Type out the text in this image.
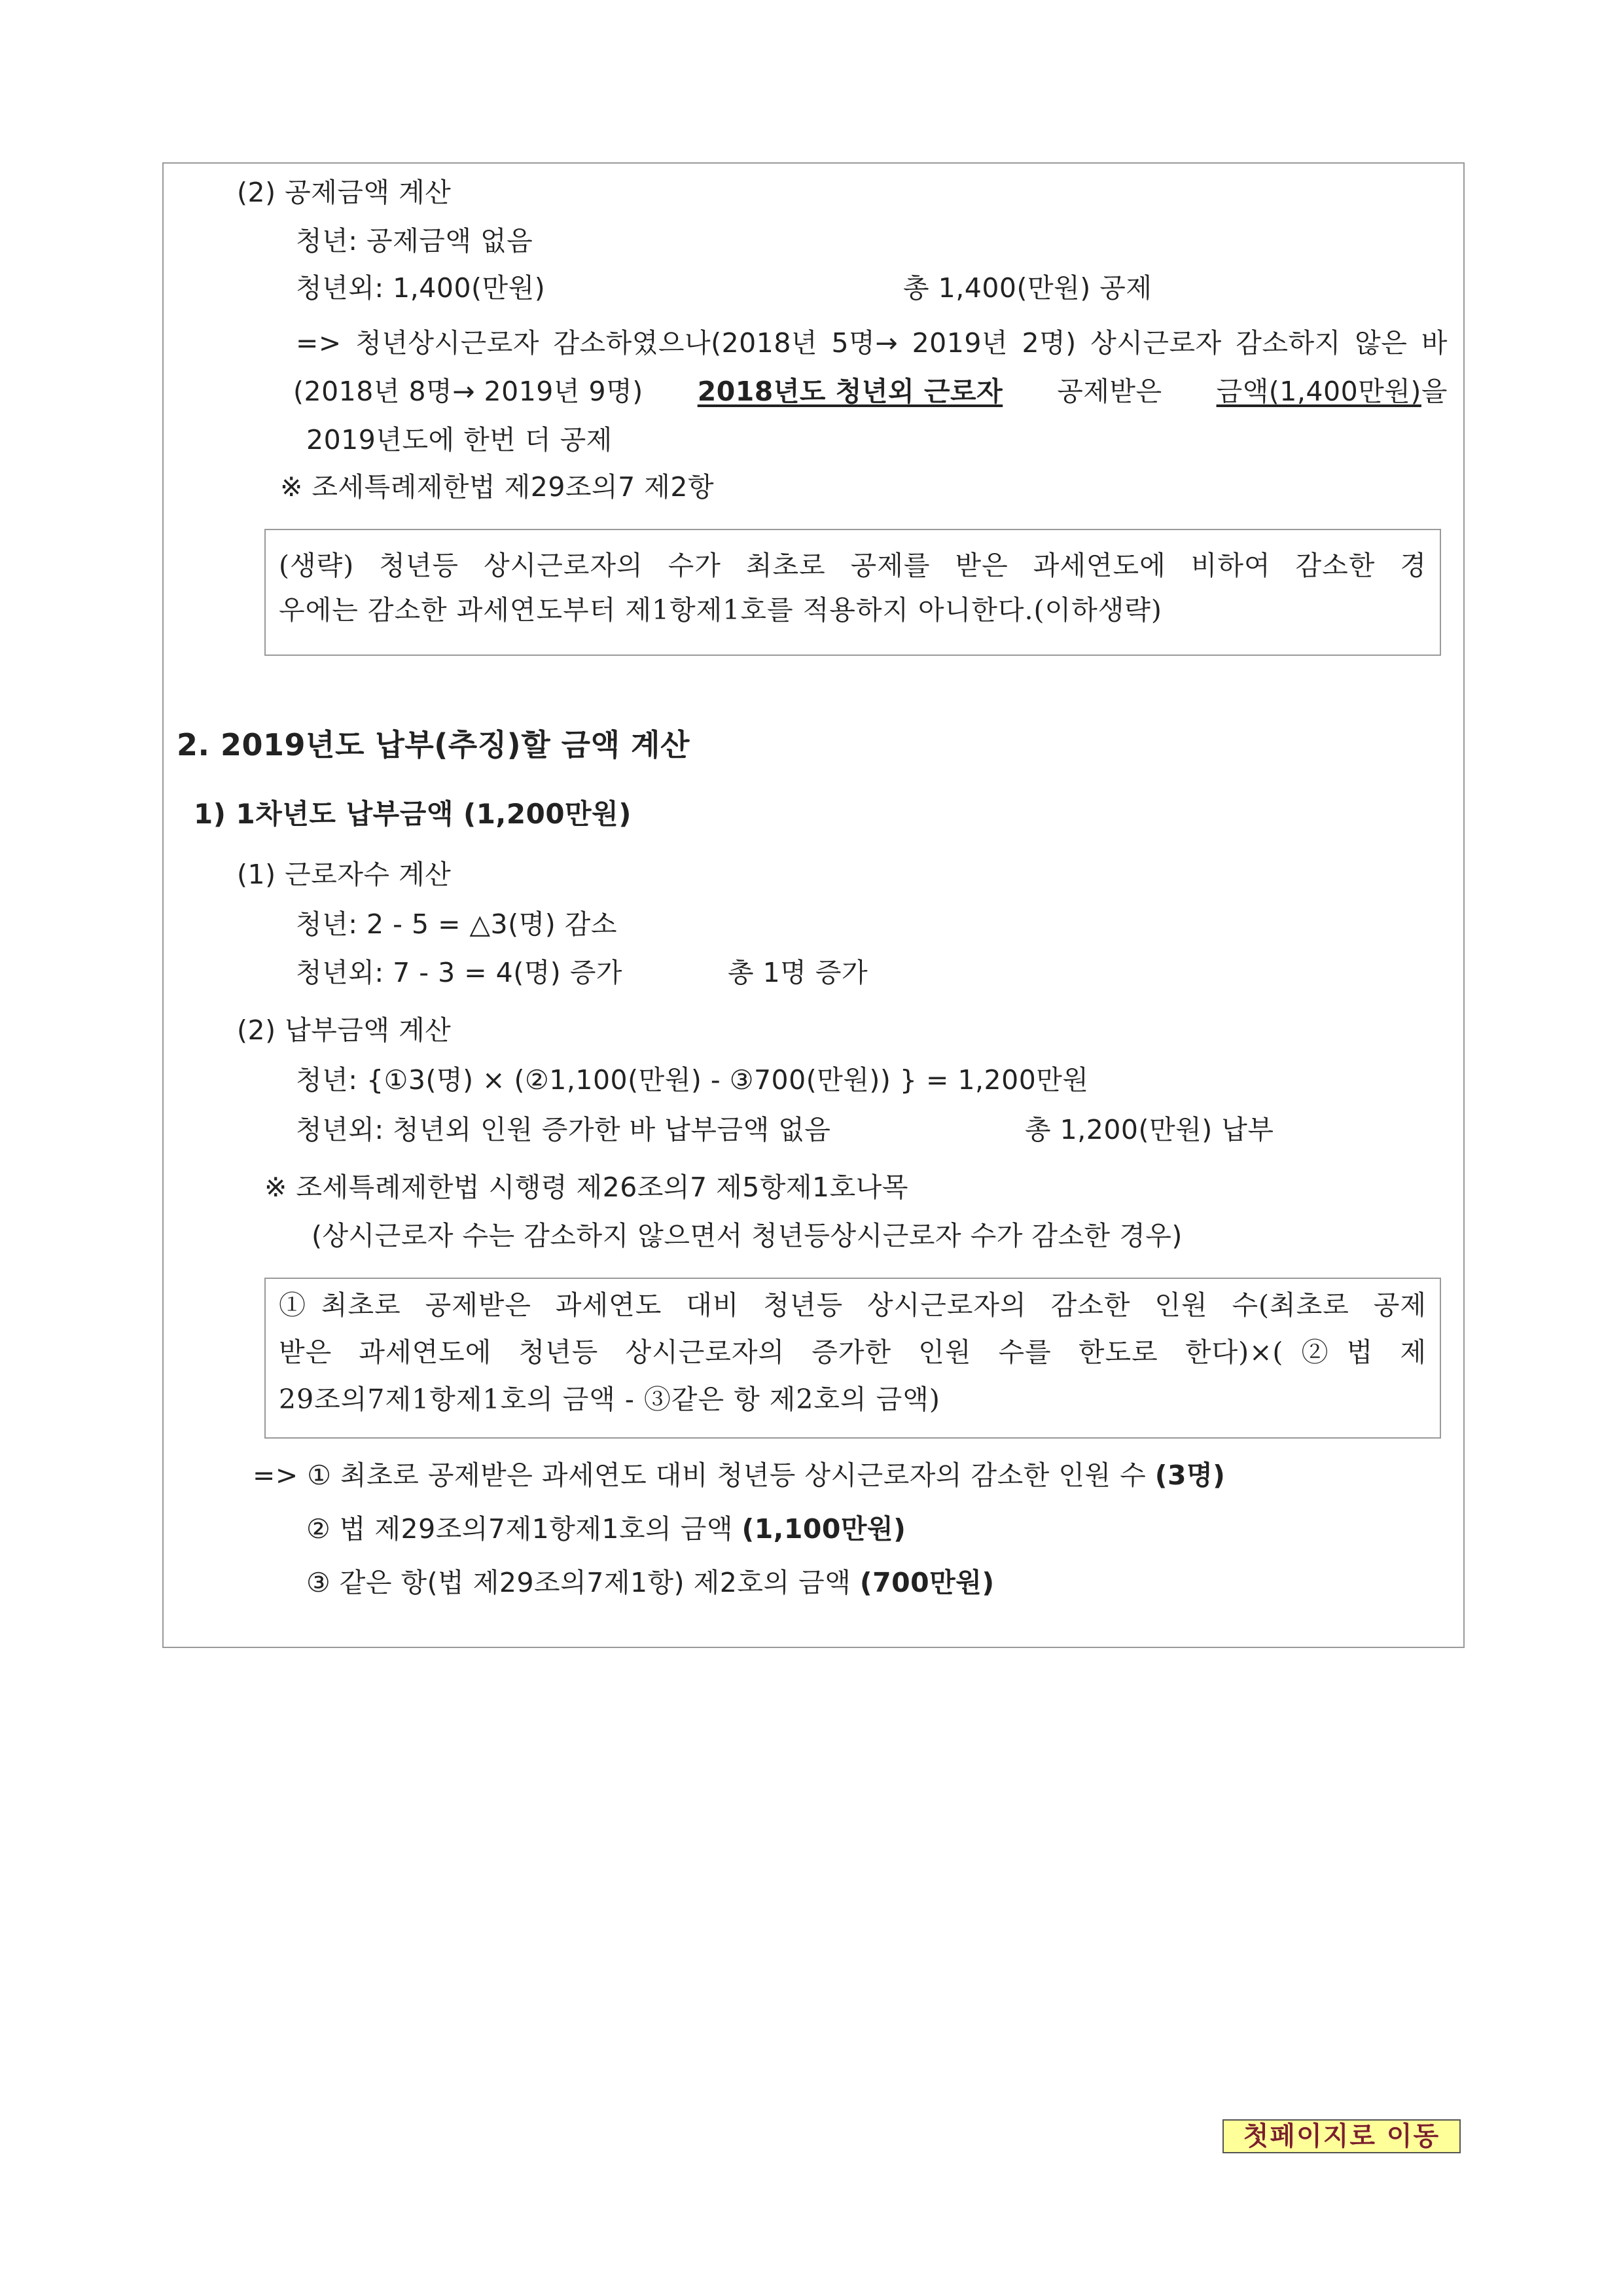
(2) 공제금액 계산
청년: 공제금액 없음
청년외: 1,400(만원)	총 1,400(만원) 공제
=> 청년상시근로자 감소하였으나(2018년 5명→ 2019년 2명) 상시근로자 감소하지 않은 바
(2018년 8명→ 2019년 9명) 2018년도 청년외 근로자 공제받은 금액(1,400만원)을
2019년도에 한번 더 공제
※ 조세특례제한법 제29조의7 제2항
(생략) 청년등 상시근로자의 수가 최초로 공제를 받은 과세연도에 비하여 감소한 경
우에는 감소한 과세연도부터 제1항제1호를 적용하지 아니한다.(이하생략)
2. 2019년도 납부(추징)할 금액 계산
1) 1차년도 납부금액 (1,200만원)
(1) 근로자수 계산
청년: 2 - 5 = △3(명) 감소
청년외: 7 - 3 = 4(명) 증가	총 1명 증가
(2) 납부금액 계산
청년: {①3(명) × (②1,100(만원) - ③700(만원)) } = 1,200만원
청년외: 청년외 인원 증가한 바 납부금액 없음	총 1,200(만원) 납부
※ 조세특례제한법 시행령 제26조의7 제5항제1호나목
(상시근로자 수는 감소하지 않으면서 청년등상시근로자 수가 감소한 경우)
①최초로 공제받은 과세연도 대비 청년등 상시근로자의 감소한 인원 수(최초로 공제
받은 과세연도에 청년등 상시근로자의 증가한 인원 수를 한도로 한다)×(②법 제
29조의7제1항제1호의 금액 - ③같은 항 제2호의 금액)
=> ① 최초로 공제받은 과세연도 대비 청년등 상시근로자의 감소한 인원 수 (3명)
② 법 제29조의7제1항제1호의 금액 (1,100만원)
③ 같은 항(법 제29조의7제1항) 제2호의 금액 (700만원)
첫페이지로 이동
